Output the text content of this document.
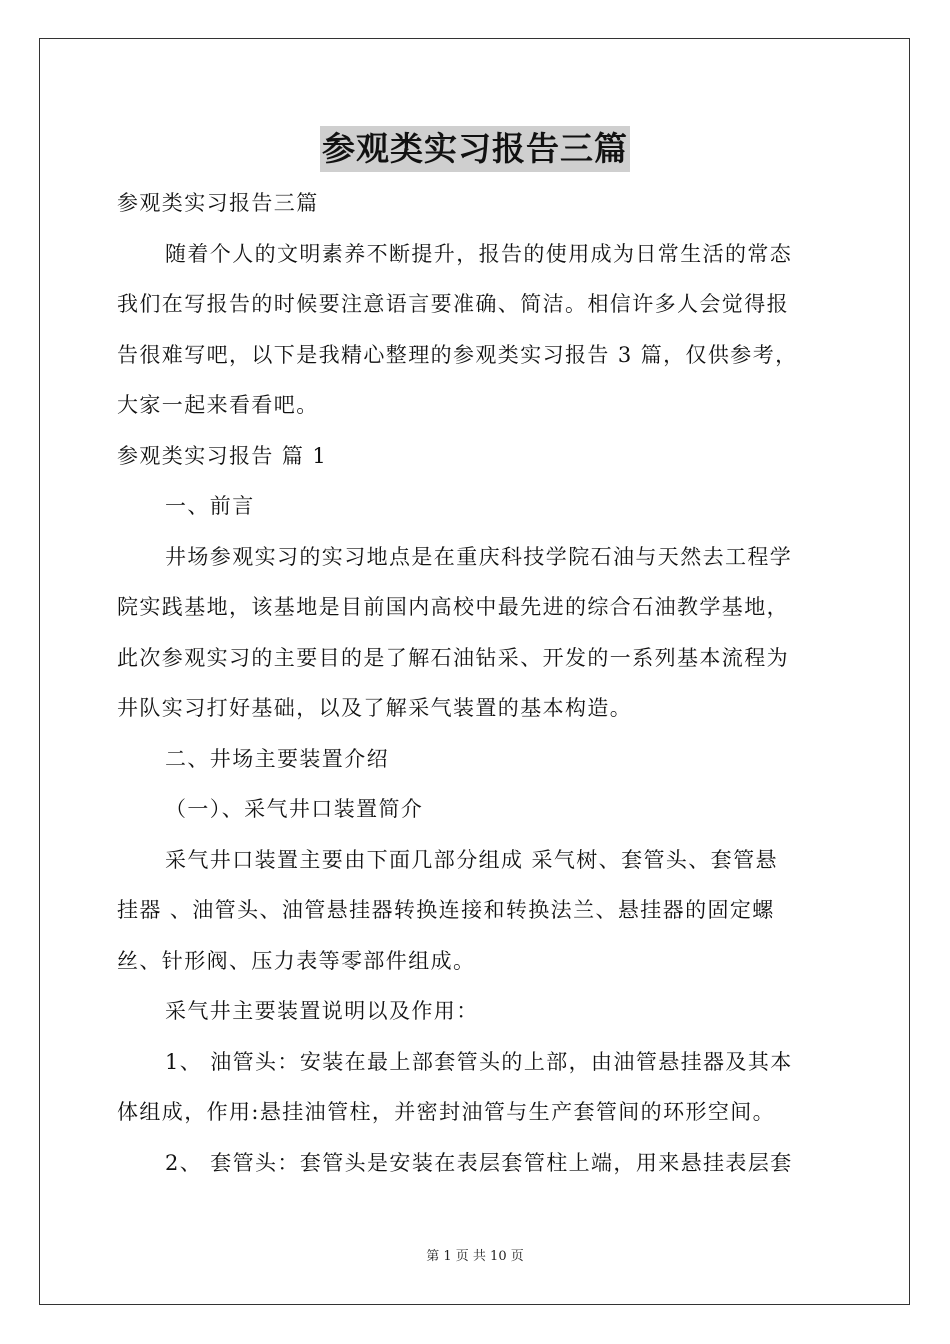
参观类实习报告三篇
参观类实习报告三篇
随着个人的文明素养不断提升，报告的使用成为日常生活的常态
我们在写报告的时候要注意语言要准确、简洁。相信许多人会觉得报
告很难写吧，以下是我精心整理的参观类实习报告 3 篇，仅供参考，
大家一起来看看吧。
参观类实习报告 篇 1
一、前言
井场参观实习的实习地点是在重庆科技学院石油与天然去工程学
院实践基地，该基地是目前国内高校中最先进的综合石油教学基地，
此次参观实习的主要目的是了解石油钻采、开发的一系列基本流程为
井队实习打好基础，以及了解采气装置的基本构造。
二、井场主要装置介绍
（一）、采气井口装置简介
采气井口装置主要由下面几部分组成 采气树、套管头、套管悬
挂器 、油管头、油管悬挂器转换连接和转换法兰、悬挂器的固定螺
丝、针形阀、压力表等零部件组成。
采气井主要装置说明以及作用：
1、 油管头：安装在最上部套管头的上部，由油管悬挂器及其本
体组成，作用:悬挂油管柱，并密封油管与生产套管间的环形空间。
2、 套管头：套管头是安装在表层套管柱上端，用来悬挂表层套
第 1 页 共 10 页
